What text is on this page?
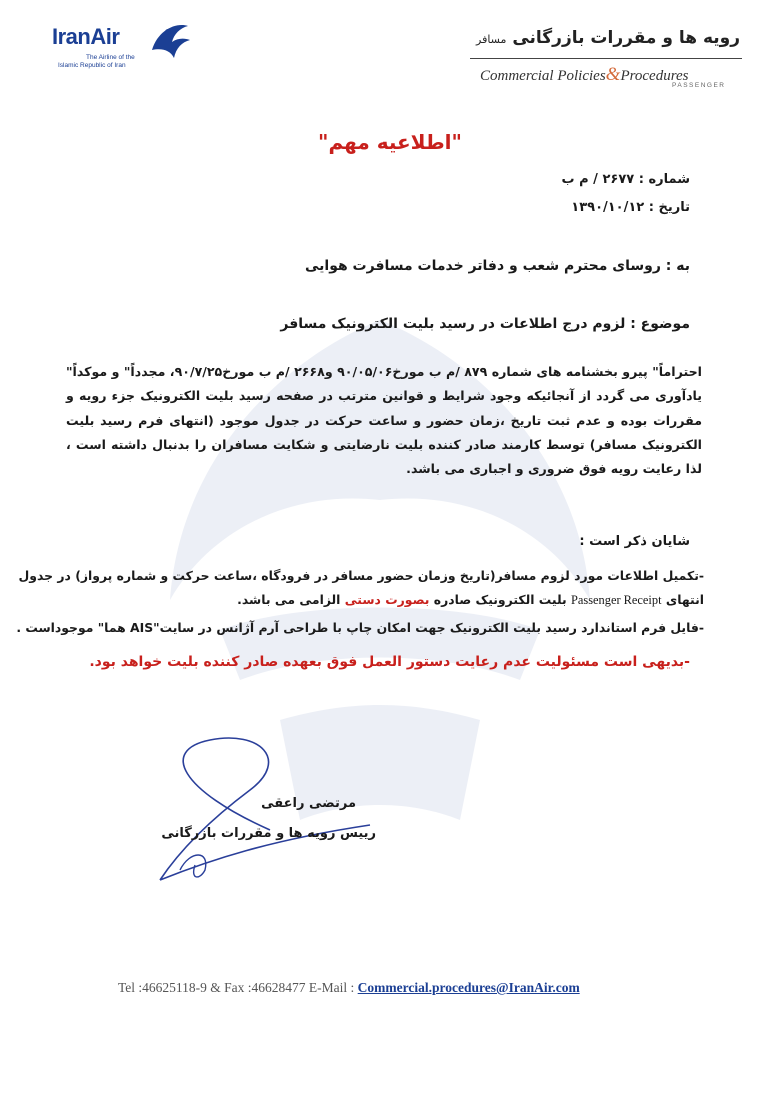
IranAir
The Airline of the
Islamic Republic of Iran
رویه ها و مقررات بازرگانی مسافر
Commercial Policies&Procedures
PASSENGER
"اطلاعیه مهم"
شماره : ۲۶۷۷ / م ب
تاریخ : ۱۳۹۰/۱۰/۱۲
به : روسای محترم شعب و دفاتر خدمات مسافرت هوایی
موضوع : لزوم درج اطلاعات در رسید بلیت الکترونیک مسافر
احتراماً" پیرو بخشنامه های شماره ۸۷۹ /م ب مورخ۹۰/۰۵/۰۶ و۲۶۶۸ /م ب مورخ۹۰/۷/۲۵، مجدداً" و موکداً" یادآوری می گردد از آنجائیکه وجود شرایط و قوانین مترتب در صفحه رسید بلیت الکترونیک جزء رویه و مقررات بوده و عدم ثبت تاریخ ،زمان حضور و ساعت حرکت در جدول موجود (انتهای فرم رسید بلیت الکترونیک مسافر) توسط کارمند صادر کننده بلیت نارضایتی و شکایت مسافران را بدنبال داشته است ، لذا رعایت رویه فوق ضروری و اجباری می باشد.
شایان ذکر است :
-تکمیل اطلاعات مورد لزوم مسافر(تاریخ وزمان حضور مسافر در فرودگاه ،ساعت حرکت و شماره پرواز) در جدول
انتهای Passenger Receipt بلیت الکترونیک صادره بصورت دستی الزامی می باشد.
-فایل فرم استاندارد رسید بلیت الکترونیک جهت امکان چاپ با طراحی آرم آژانس در سایت"AIS هما" موجوداست .
-بدیهی است مسئولیت عدم رعایت دستور العمل فوق بعهده صادر کننده بلیت خواهد بود.
مرتضی راعقی
رییس رویه ها و مقررات بازرگانی
Tel :46625118-9 & Fax :46628477 E-Mail : Commercial.procedures@IranAir.com
